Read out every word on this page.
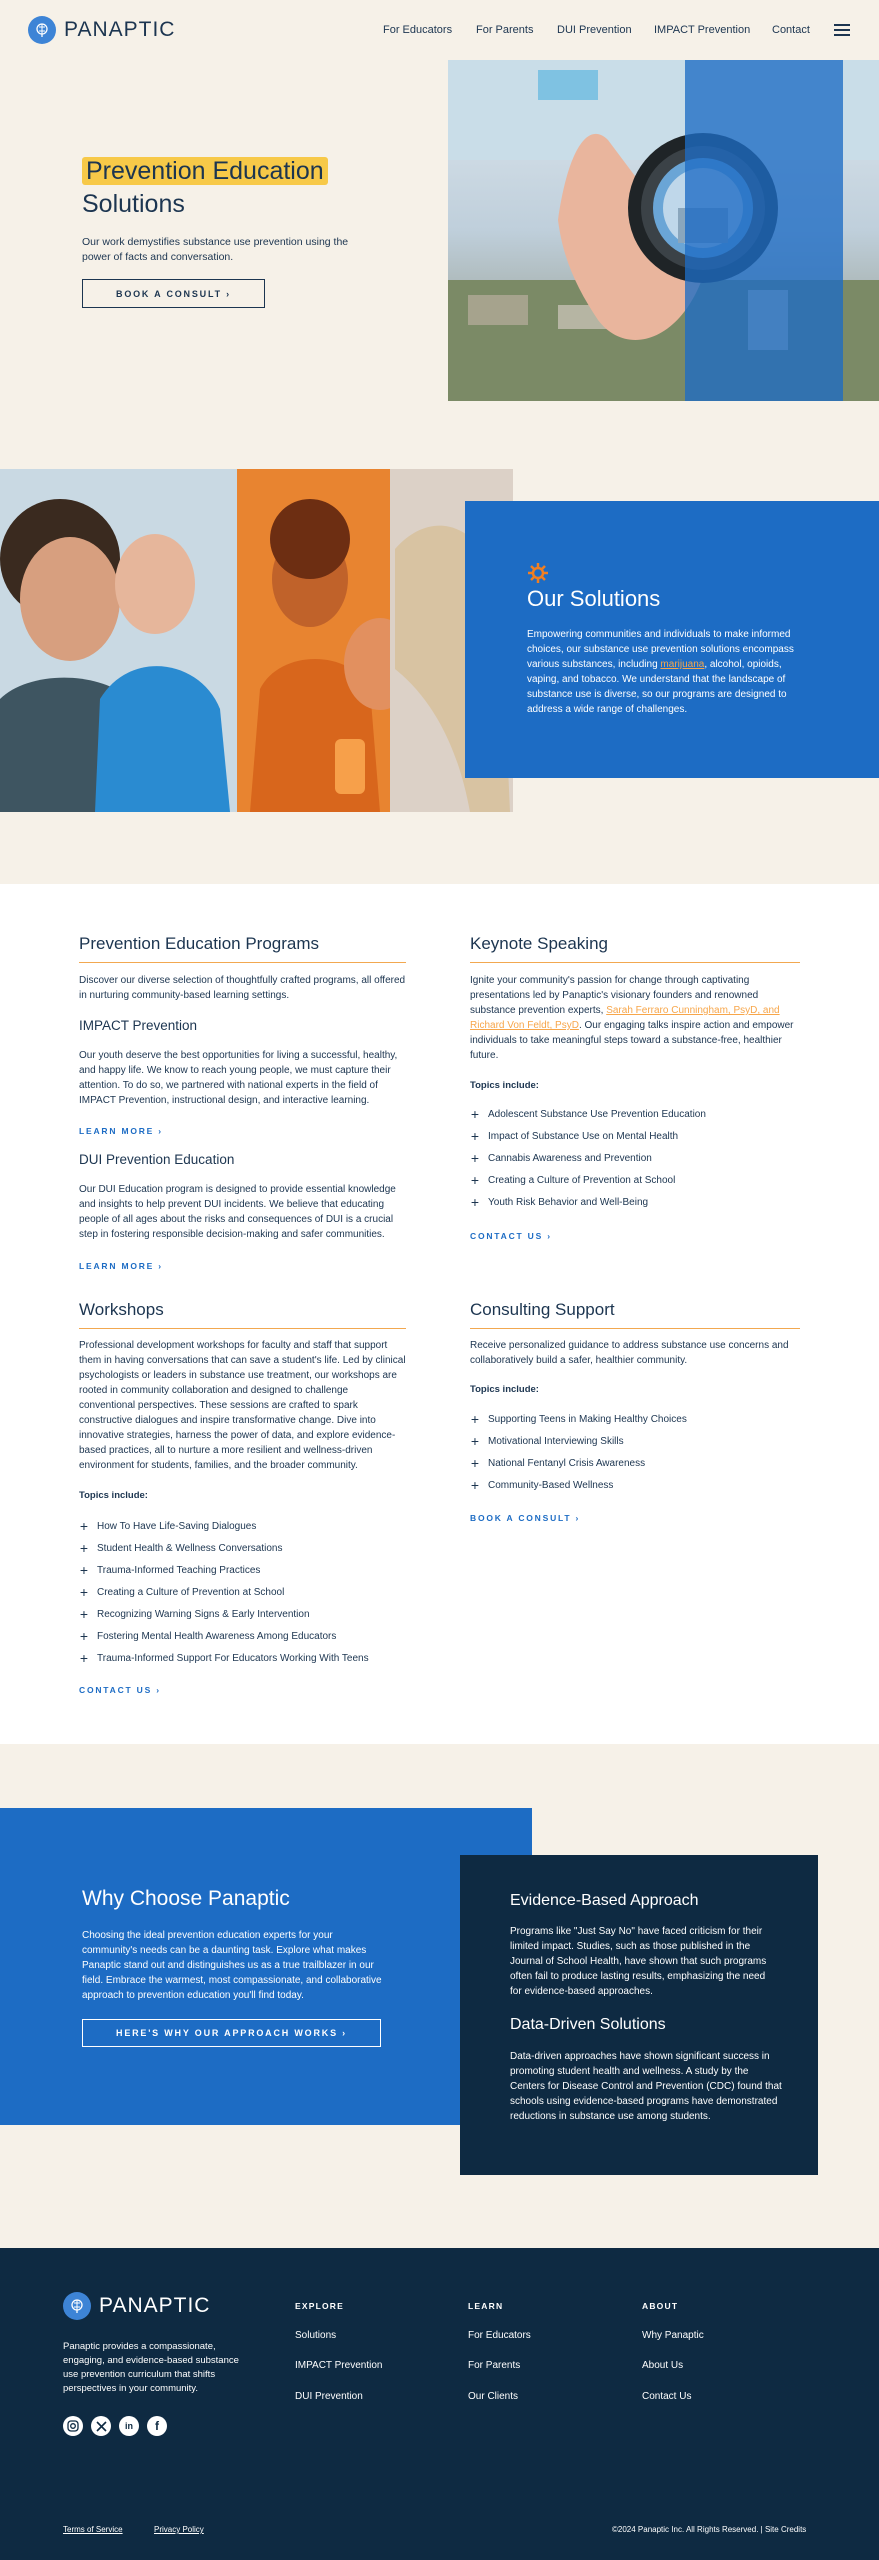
PANAPTIC	For Educators For Parents DUI Prevention IMPACT Prevention Contact
Prevention Education
Solutions
Our work demystifies substance use prevention using the power of facts and conversation.
BOOK A CONSULT ›
Our Solutions
Empowering communities and individuals to make informed choices, our substance use prevention solutions encompass various substances, including marijuana, alcohol, opioids, vaping, and tobacco. We understand that the landscape of substance use is diverse, so our programs are designed to address a wide range of challenges.
Prevention Education Programs
Discover our diverse selection of thoughtfully crafted programs, all offered in nurturing community-based learning settings.
IMPACT Prevention
Our youth deserve the best opportunities for living a successful, healthy, and happy life. We know to reach young people, we must capture their attention. To do so, we partnered with national experts in the field of IMPACT Prevention, instructional design, and interactive learning.
LEARN MORE ›
DUI Prevention Education
Our DUI Education program is designed to provide essential knowledge and insights to help prevent DUI incidents. We believe that educating people of all ages about the risks and consequences of DUI is a crucial step in fostering responsible decision-making and safer communities.
LEARN MORE ›
Keynote Speaking
Ignite your community's passion for change through captivating presentations led by Panaptic's visionary founders and renowned substance prevention experts, Sarah Ferraro Cunningham, PsyD, and Richard Von Feldt, PsyD. Our engaging talks inspire action and empower individuals to take meaningful steps toward a substance-free, healthier future.
Topics include:
+ Adolescent Substance Use Prevention Education
+ Impact of Substance Use on Mental Health
+ Cannabis Awareness and Prevention
+ Creating a Culture of Prevention at School
+ Youth Risk Behavior and Well-Being
CONTACT US ›
Workshops
Professional development workshops for faculty and staff that support them in having conversations that can save a student's life. Led by clinical psychologists or leaders in substance use treatment, our workshops are rooted in community collaboration and designed to challenge conventional perspectives. These sessions are crafted to spark constructive dialogues and inspire transformative change. Dive into innovative strategies, harness the power of data, and explore evidence-based practices, all to nurture a more resilient and wellness-driven environment for students, families, and the broader community.
Topics include:
+ How To Have Life-Saving Dialogues
+ Student Health & Wellness Conversations
+ Trauma-Informed Teaching Practices
+ Creating a Culture of Prevention at School
+ Recognizing Warning Signs & Early Intervention
+ Fostering Mental Health Awareness Among Educators
+ Trauma-Informed Support For Educators Working With Teens
CONTACT US ›
Consulting Support
Receive personalized guidance to address substance use concerns and collaboratively build a safer, healthier community.
Topics include:
+ Supporting Teens in Making Healthy Choices
+ Motivational Interviewing Skills
+ National Fentanyl Crisis Awareness
+ Community-Based Wellness
BOOK A CONSULT ›
Why Choose Panaptic
Choosing the ideal prevention education experts for your community's needs can be a daunting task. Explore what makes Panaptic stand out and distinguishes us as a true trailblazer in our field. Embrace the warmest, most compassionate, and collaborative approach to prevention education you'll find today.
HERE'S WHY OUR APPROACH WORKS ›
Evidence-Based Approach
Programs like "Just Say No" have faced criticism for their limited impact. Studies, such as those published in the Journal of School Health, have shown that such programs often fail to produce lasting results, emphasizing the need for evidence-based approaches.
Data-Driven Solutions
Data-driven approaches have shown significant success in promoting student health and wellness. A study by the Centers for Disease Control and Prevention (CDC) found that schools using evidence-based programs have demonstrated reductions in substance use among students.
PANAPTIC
Panaptic provides a compassionate, engaging, and evidence-based substance use prevention curriculum that shifts perspectives in your community.
in	f
EXPLORE
Solutions
IMPACT Prevention
DUI Prevention
LEARN
For Educators
For Parents
Our Clients
ABOUT
Why Panaptic
About Us
Contact Us
Terms of Service	Privacy Policy	©2024 Panaptic Inc. All Rights Reserved. | Site Credits
